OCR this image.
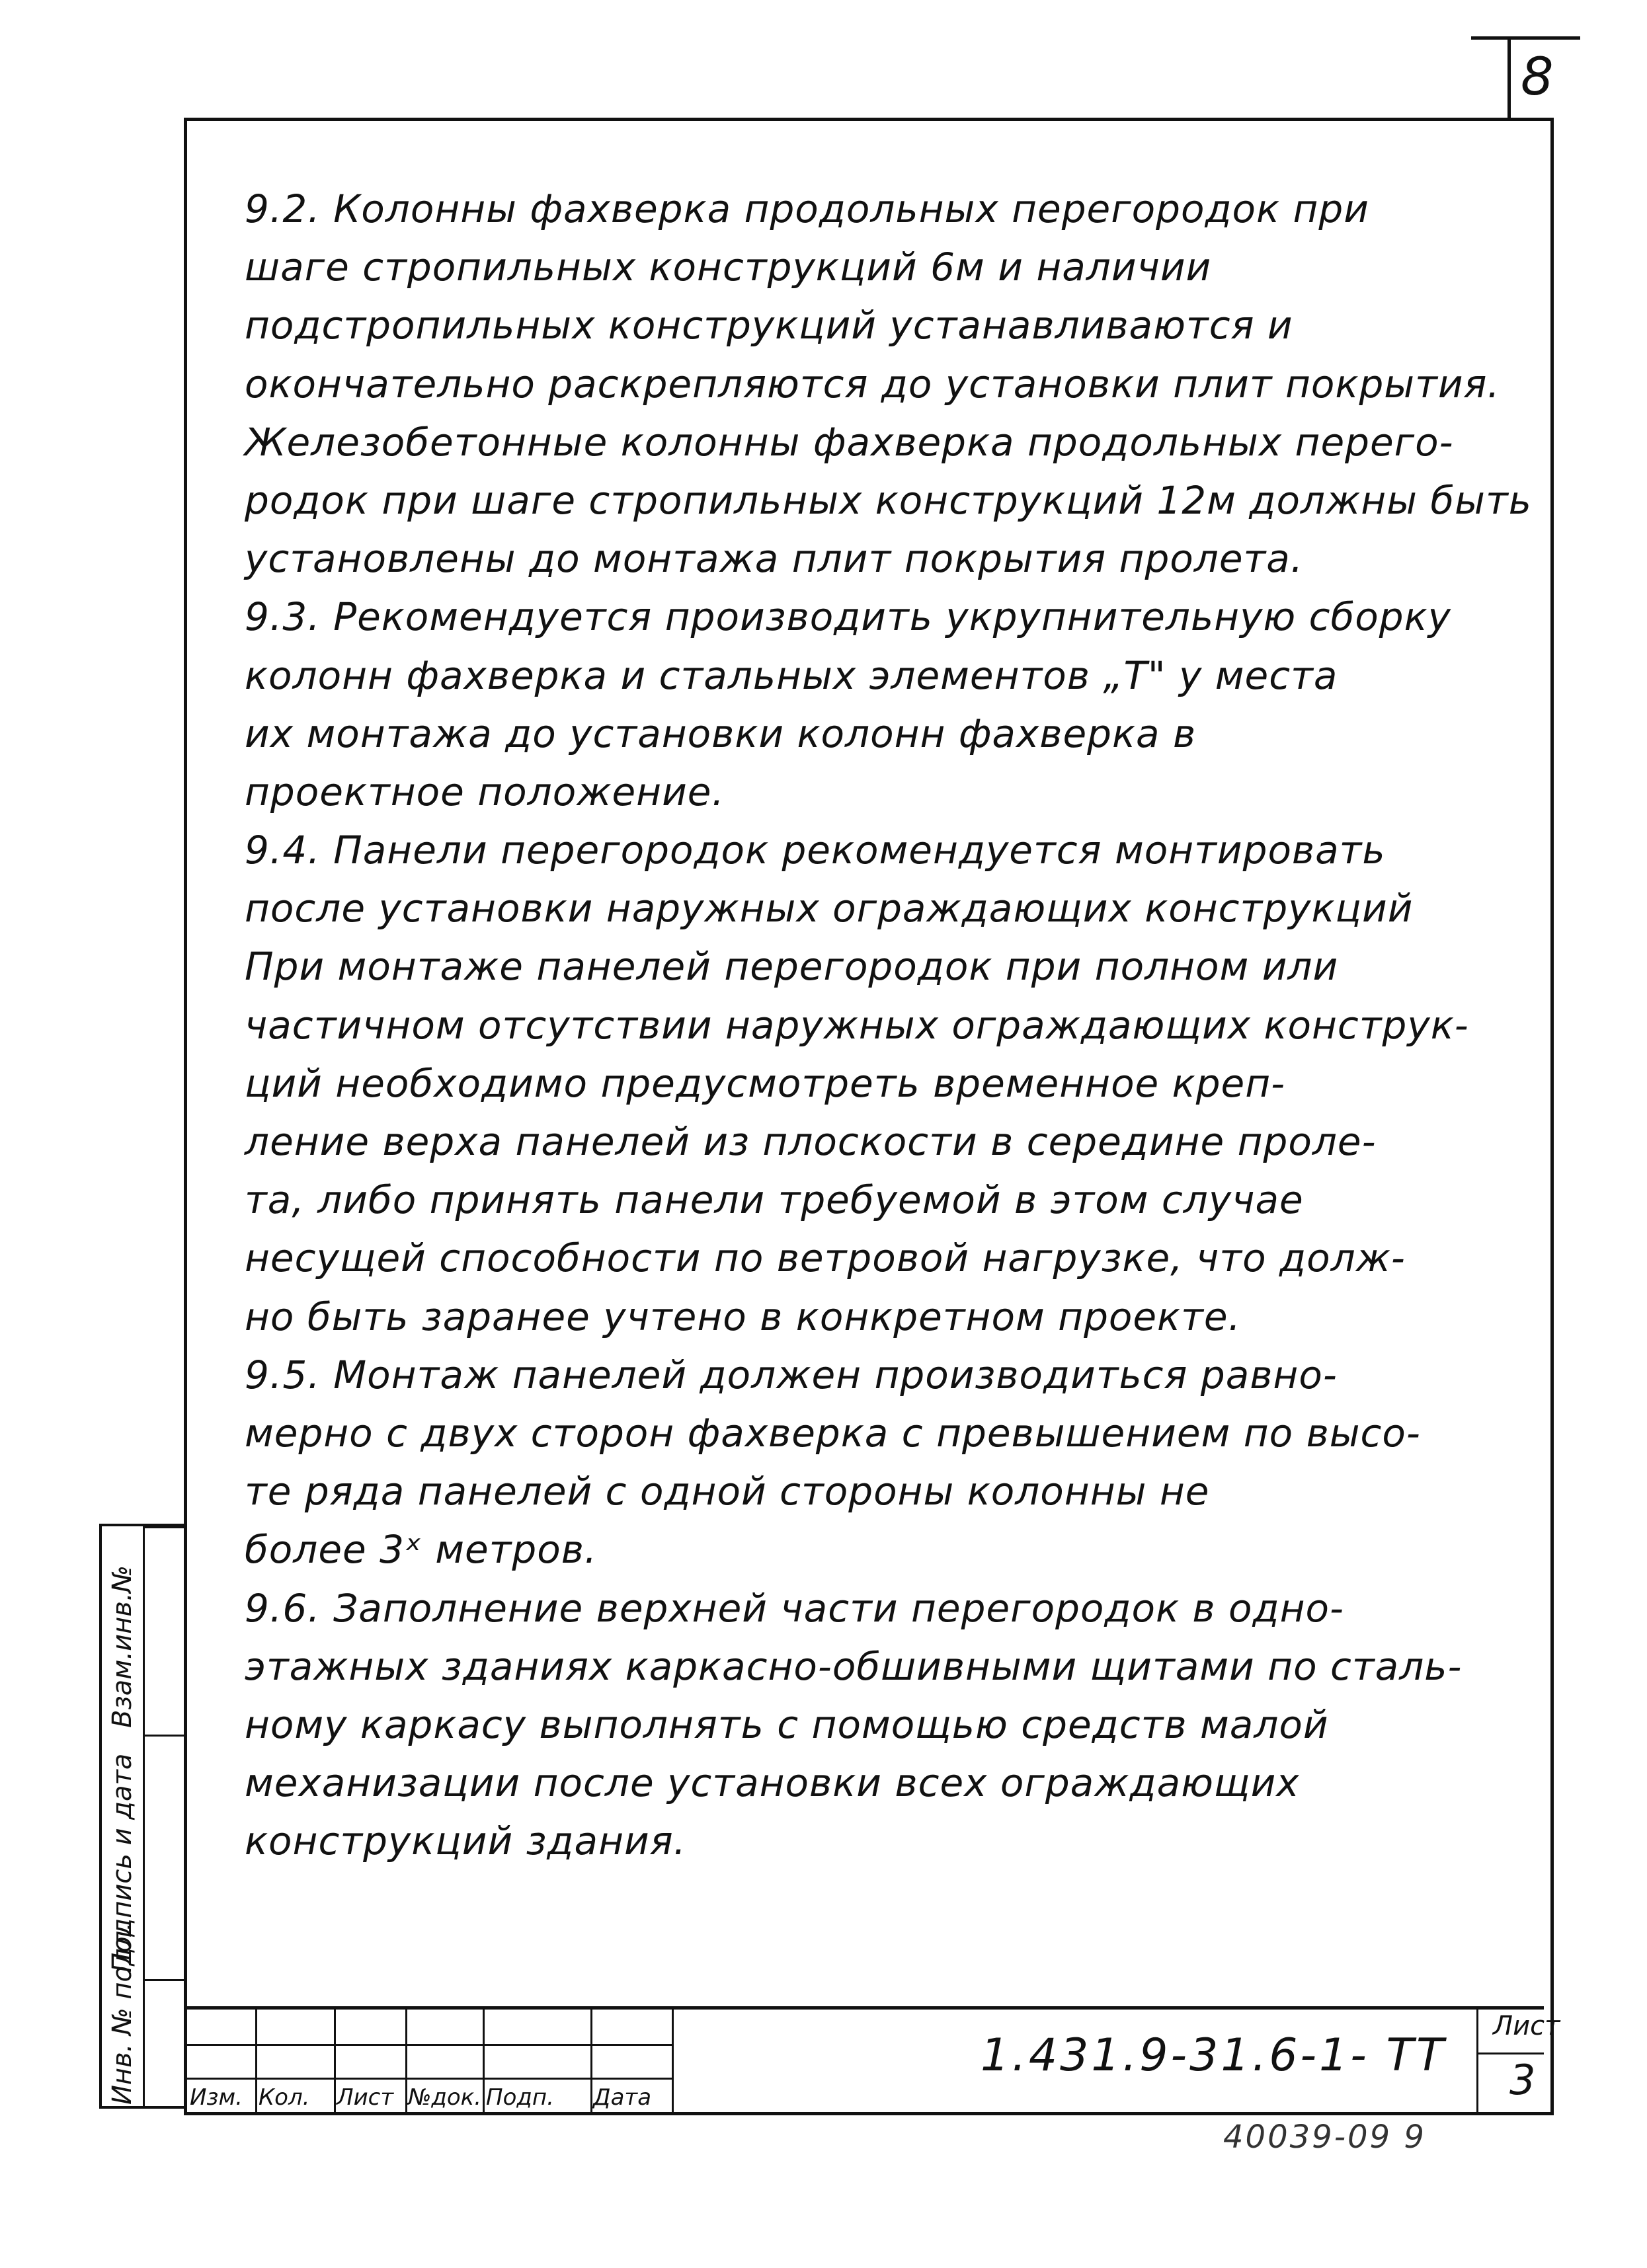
8
9.2. Колонны фахверка продольных перегородок при
шаге стропильных конструкций 6м и наличии
подстропильных конструкций устанавливаются и
окончательно раскрепляются до установки плит покрытия.
Железобетонные колонны фахверка продольных перего-
родок при шаге стропильных конструкций 12м должны быть
установлены до монтажа плит покрытия пролета.
9.3. Рекомендуется производить укрупнительную сборку
колонн фахверка и стальных элементов „Т" у места
их монтажа до установки колонн фахверка в
проектное положение.
9.4. Панели перегородок рекомендуется монтировать
после установки наружных ограждающих конструкций
При монтаже панелей перегородок при полном или
частичном отсутствии наружных ограждающих конструк-
ций необходимо предусмотреть временное креп-
ление верха панелей из плоскости в середине проле-
та, либо принять панели требуемой в этом случае
несущей способности по ветровой нагрузке, что долж-
но быть заранее учтено в конкретном проекте.
9.5. Монтаж панелей должен производиться равно-
мерно с двух сторон фахверка с превышением по высо-
те ряда панелей с одной стороны колонны не
более 3ˣ метров.
9.6. Заполнение верхней части перегородок в одно-
этажных зданиях каркасно-обшивными щитами по сталь-
ному каркасу выполнять с помощью средств малой
механизации после установки всех ограждающих
конструкций здания.
Инв. № подл.
Подпись и дата
Взам.инв.№
Изм. Кол. Лист №док. Подп. Дата
1.431.9-31.6-1- ТТ
Лист
3
40039-09 9
